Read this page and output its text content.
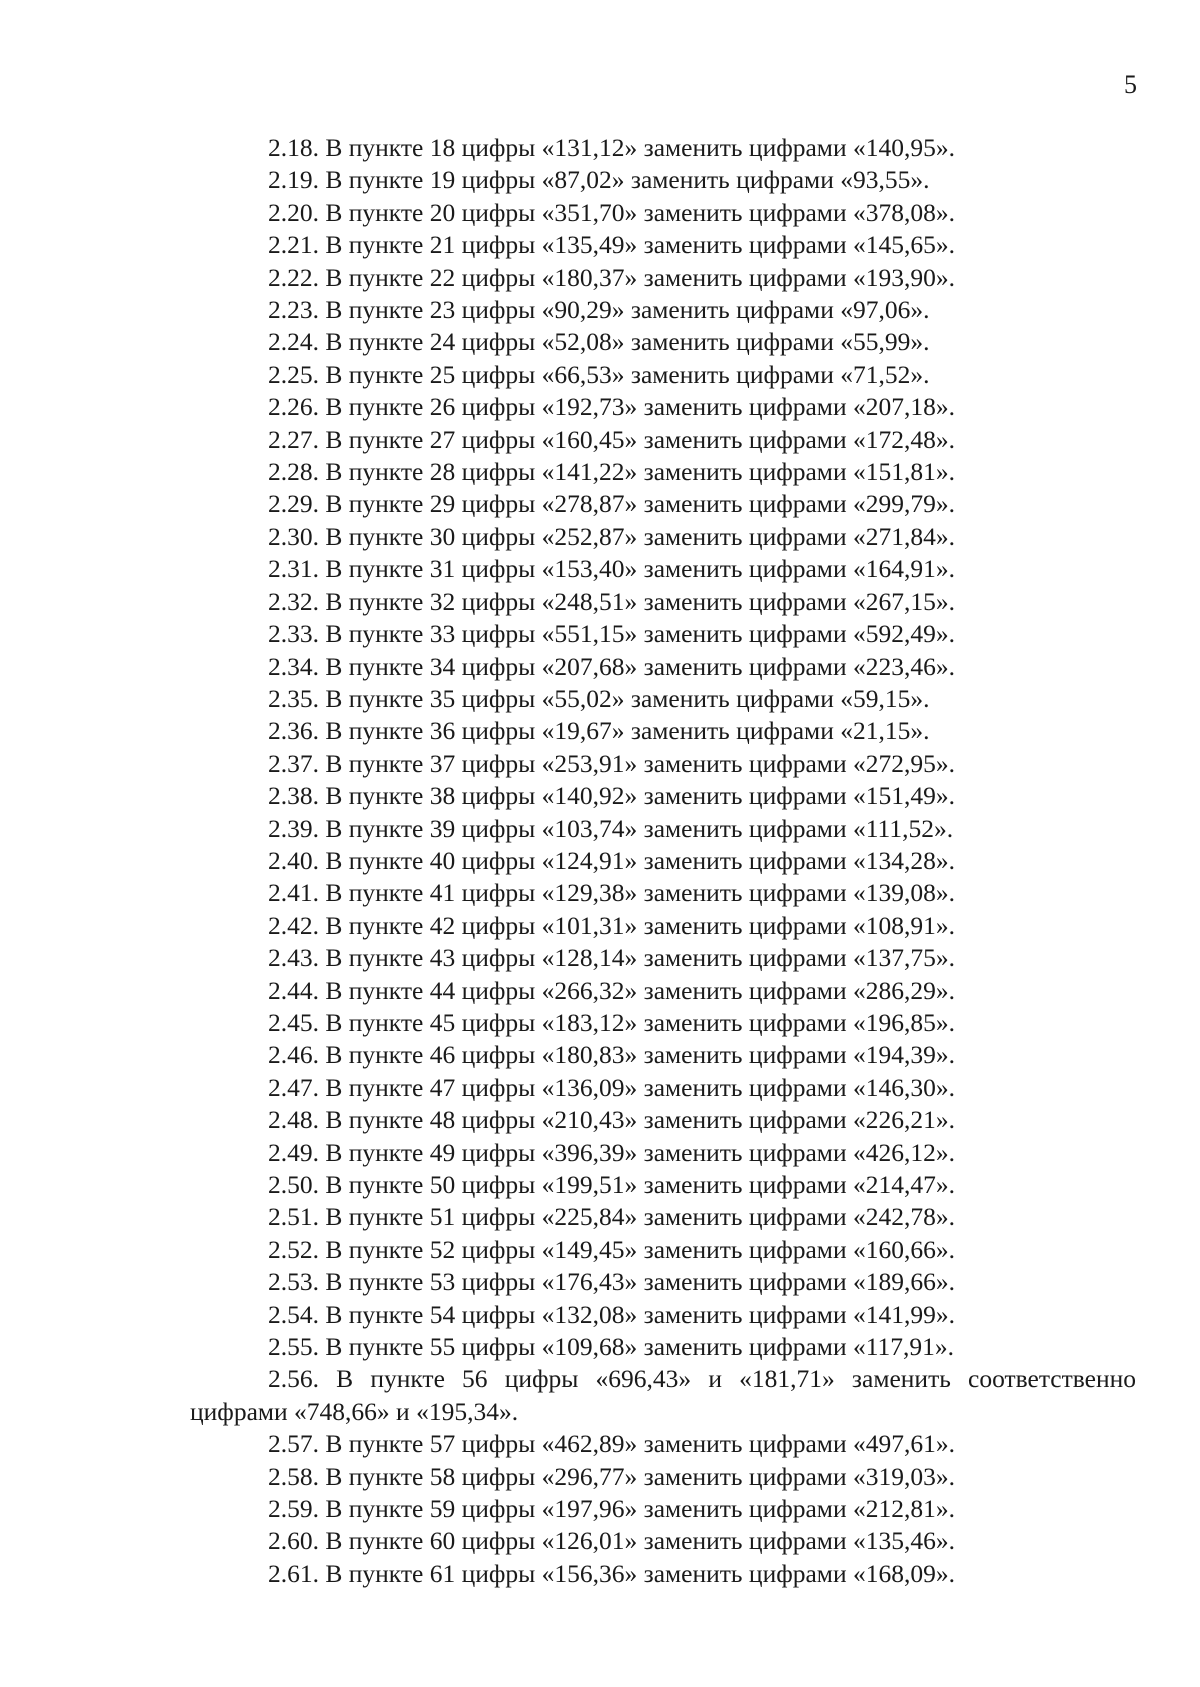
5

2.18. В пункте 18 цифры «131,12» заменить цифрами «140,95».

2.19. В пункте 19 цифры «87,02» заменить цифрами «93,55».

2.20. В пункте 20 цифры «351,70» заменить цифрами «378,08».

2.21. В пункте 21 цифры «135,49» заменить цифрами «145,65».

2.22. В пункте 22 цифры «180,37» заменить цифрами «193,90».

2.23. В пункте 23 цифры «90,29» заменить цифрами «97,06».

2.24. В пункте 24 цифры «52,08» заменить цифрами «55,99».

2.25. В пункте 25 цифры «66,53» заменить цифрами «71,52».

2.26. В пункте 26 цифры «192,73» заменить цифрами «207,18».

2.27. В пункте 27 цифры «160,45» заменить цифрами «172,48».

2.28. В пункте 28 цифры «141,22» заменить цифрами «151,81».

2.29. В пункте 29 цифры «278,87» заменить цифрами «299,79».

2.30. В пункте 30 цифры «252,87» заменить цифрами «271,84».

2.31. В пункте 31 цифры «153,40» заменить цифрами «164,91».

2.32. В пункте 32 цифры «248,51» заменить цифрами «267,15».

2.33. В пункте 33 цифры «551,15» заменить цифрами «592,49».

2.34. В пункте 34 цифры «207,68» заменить цифрами «223,46».

2.35. В пункте 35 цифры «55,02» заменить цифрами «59,15».

2.36. В пункте 36 цифры «19,67» заменить цифрами «21,15».

2.37. В пункте 37 цифры «253,91» заменить цифрами «272,95».

2.38. В пункте 38 цифры «140,92» заменить цифрами «151,49».

2.39. В пункте 39 цифры «103,74» заменить цифрами «111,52».

2.40. В пункте 40 цифры «124,91» заменить цифрами «134,28».

2.41. В пункте 41 цифры «129,38» заменить цифрами «139,08».

2.42. В пункте 42 цифры «101,31» заменить цифрами «108,91».

2.43. В пункте 43 цифры «128,14» заменить цифрами «137,75».

2.44. В пункте 44 цифры «266,32» заменить цифрами «286,29».

2.45. В пункте 45 цифры «183,12» заменить цифрами «196,85».

2.46. В пункте 46 цифры «180,83» заменить цифрами «194,39».

2.47. В пункте 47 цифры «136,09» заменить цифрами «146,30».

2.48. В пункте 48 цифры «210,43» заменить цифрами «226,21».

2.49. В пункте 49 цифры «396,39» заменить цифрами «426,12».

2.50. В пункте 50 цифры «199,51» заменить цифрами «214,47».

2.51. В пункте 51 цифры «225,84» заменить цифрами «242,78».

2.52. В пункте 52 цифры «149,45» заменить цифрами «160,66».

2.53. В пункте 53 цифры «176,43» заменить цифрами «189,66».

2.54. В пункте 54 цифры «132,08» заменить цифрами «141,99».

2.55. В пункте 55 цифры «109,68» заменить цифрами «117,91».

2.56. В пункте 56 цифры «696,43» и «181,71» заменить соответственно цифрами «748,66» и «195,34».

2.57. В пункте 57 цифры «462,89» заменить цифрами «497,61».

2.58. В пункте 58 цифры «296,77» заменить цифрами «319,03».

2.59. В пункте 59 цифры «197,96» заменить цифрами «212,81».

2.60. В пункте 60 цифры «126,01» заменить цифрами «135,46».

2.61. В пункте 61 цифры «156,36» заменить цифрами «168,09».
